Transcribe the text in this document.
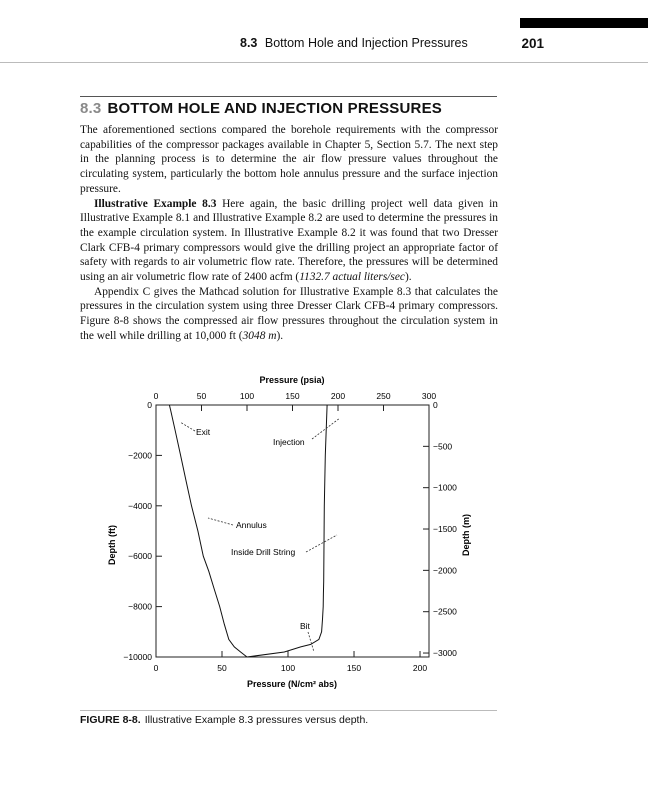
8.3 Bottom Hole and Injection Pressures	201
8.3 BOTTOM HOLE AND INJECTION PRESSURES

The aforementioned sections compared the borehole requirements with the compressor capabilities of the compressor packages available in Chapter 5, Section 5.7. The next step in the planning process is to determine the air flow pressure values throughout the circulating system, particularly the bottom hole annulus pressure and the surface injection pressure.

Illustrative Example 8.3 Here again, the basic drilling project well data given in Illustrative Example 8.1 and Illustrative Example 8.2 are used to determine the pressures in the example circulation system. In Illustrative Example 8.2 it was found that two Dresser Clark CFB-4 primary compressors would give the drilling project an appropriate factor of safety with regards to air volumetric flow rate. Therefore, the pressures will be determined using an air volumetric flow rate of 2400 acfm (1132.7 actual liters/sec).

Appendix C gives the Mathcad solution for Illustrative Example 8.3 that calculates the pressures in the circulation system using three Dresser Clark CFB-4 primary compressors. Figure 8-8 shows the compressed air flow pressures throughout the circulation system in the well while drilling at 10,000 ft (3048 m).

Pressure (psia)
Pressure (N/cm² abs)
Depth (ft)	Depth (m)
0	50	100	150	200	250	300
0	50	100	150	200
0
−2000
−4000
−6000
−8000
−10000
0
−500
−1000
−1500
−2000
−2500
−3000
Exit
Injection
Annulus
Inside Drill String
Bit
FIGURE 8-8. Illustrative Example 8.3 pressures versus depth.
